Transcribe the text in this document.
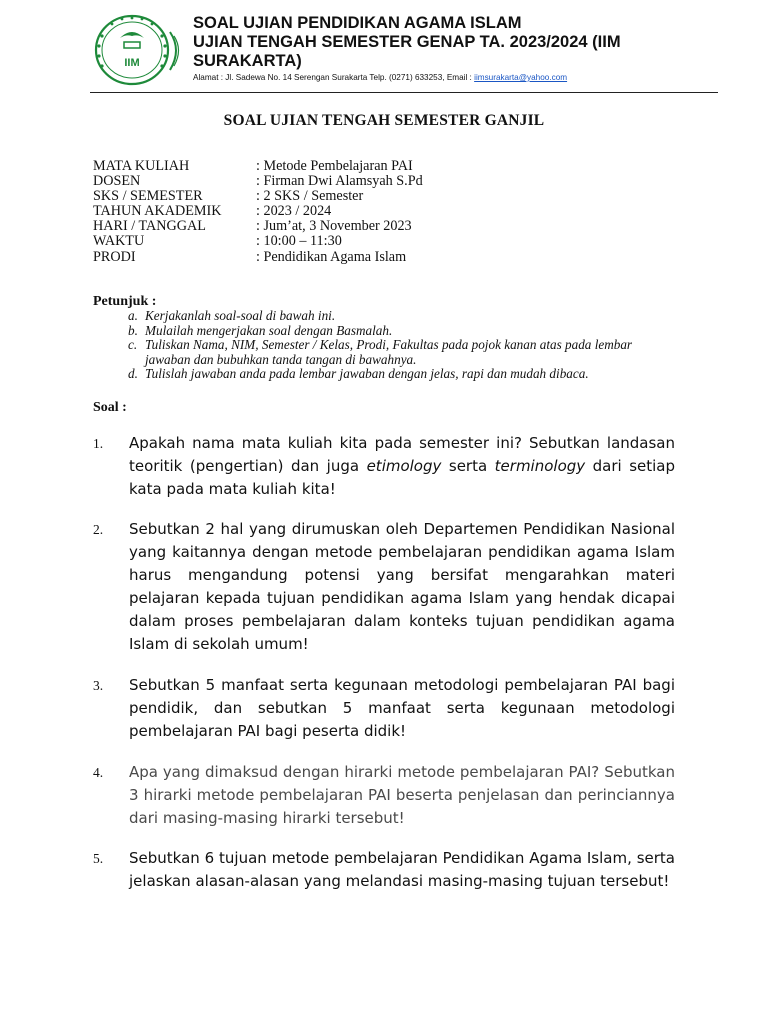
IIM

SOAL UJIAN PENDIDIKAN AGAMA ISLAM

UJIAN TENGAH SEMESTER GENAP TA. 2023/2024 (IIM SURAKARTA)

Alamat : Jl. Sadewa No. 14 Serengan Surakarta Telp. (0271) 633253, Email : iimsurakarta@yahoo.com
SOAL UJIAN TENGAH SEMESTER GANJIL
MATA KULIAH	: Metode Pembelajaran PAI
DOSEN	: Firman Dwi Alamsyah S.Pd
SKS / SEMESTER	: 2 SKS / Semester
TAHUN AKADEMIK	: 2023 / 2024
HARI / TANGGAL	: Jum’at, 3 November 2023
WAKTU	: 10:00 – 11:30
PRODI	: Pendidikan Agama Islam
Petunjuk :
a. Kerjakanlah soal-soal di bawah ini.
b. Mulailah mengerjakan soal dengan Basmalah.
c. Tuliskan Nama, NIM, Semester / Kelas, Prodi, Fakultas pada pojok kanan atas pada lembar jawaban dan bubuhkan tanda tangan di bawahnya.
d. Tulislah jawaban anda pada lembar jawaban dengan jelas, rapi dan mudah dibaca.
Soal :
1.	Apakah nama mata kuliah kita pada semester ini? Sebutkan landasan teoritik (pengertian) dan juga etimology serta terminology dari setiap kata pada mata kuliah kita!
2.	Sebutkan 2 hal yang dirumuskan oleh Departemen Pendidikan Nasional yang kaitannya dengan metode pembelajaran pendidikan agama Islam harus mengandung potensi yang bersifat mengarahkan materi pelajaran kepada tujuan pendidikan agama Islam yang hendak dicapai dalam proses pembelajaran dalam konteks tujuan pendidikan agama Islam di sekolah umum!
3.	Sebutkan 5 manfaat serta kegunaan metodologi pembelajaran PAI bagi pendidik, dan sebutkan 5 manfaat serta kegunaan metodologi pembelajaran PAI bagi peserta didik!
4.	Apa yang dimaksud dengan hirarki metode pembelajaran PAI? Sebutkan 3 hirarki metode pembelajaran PAI beserta penjelasan dan perinciannya dari masing-masing hirarki tersebut!
5.	Sebutkan 6 tujuan metode pembelajaran Pendidikan Agama Islam, serta jelaskan alasan-alasan yang melandasi masing-masing tujuan tersebut!
